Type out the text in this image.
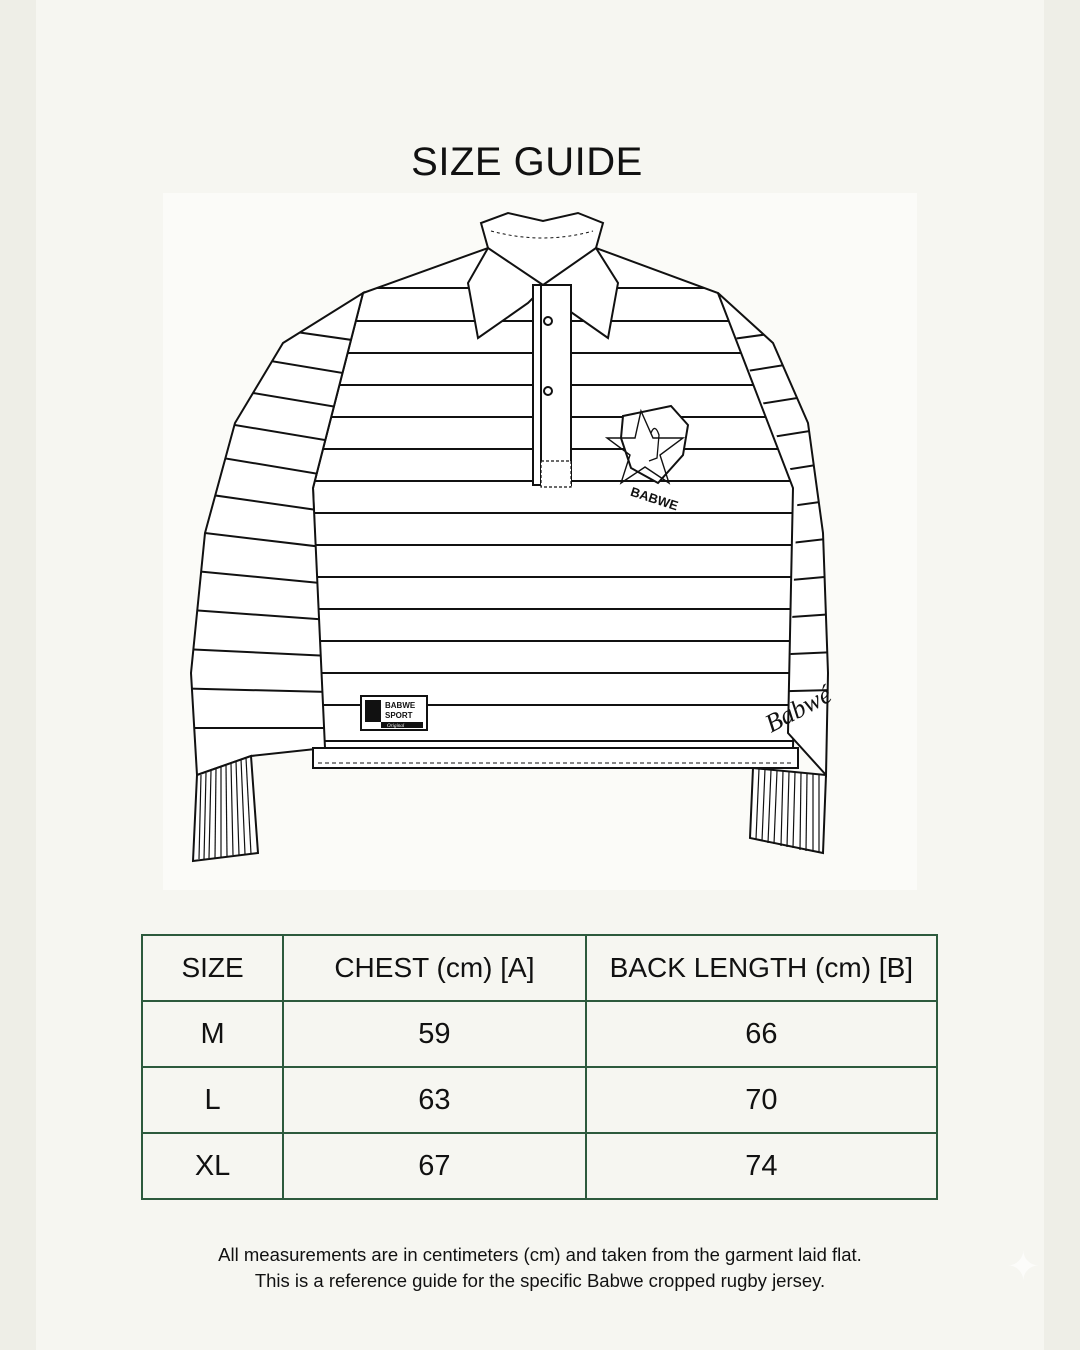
SIZE GUIDE
BABWE
BABWE
SPORT
Original	Babwé
SIZE	CHEST (cm) [A]	BACK LENGTH (cm) [B]
M	59	66
L	63	70
XL	67	74
All measurements are in centimeters (cm) and taken from the garment laid flat.
This is a reference guide for the specific Babwe cropped rugby jersey.	✦
